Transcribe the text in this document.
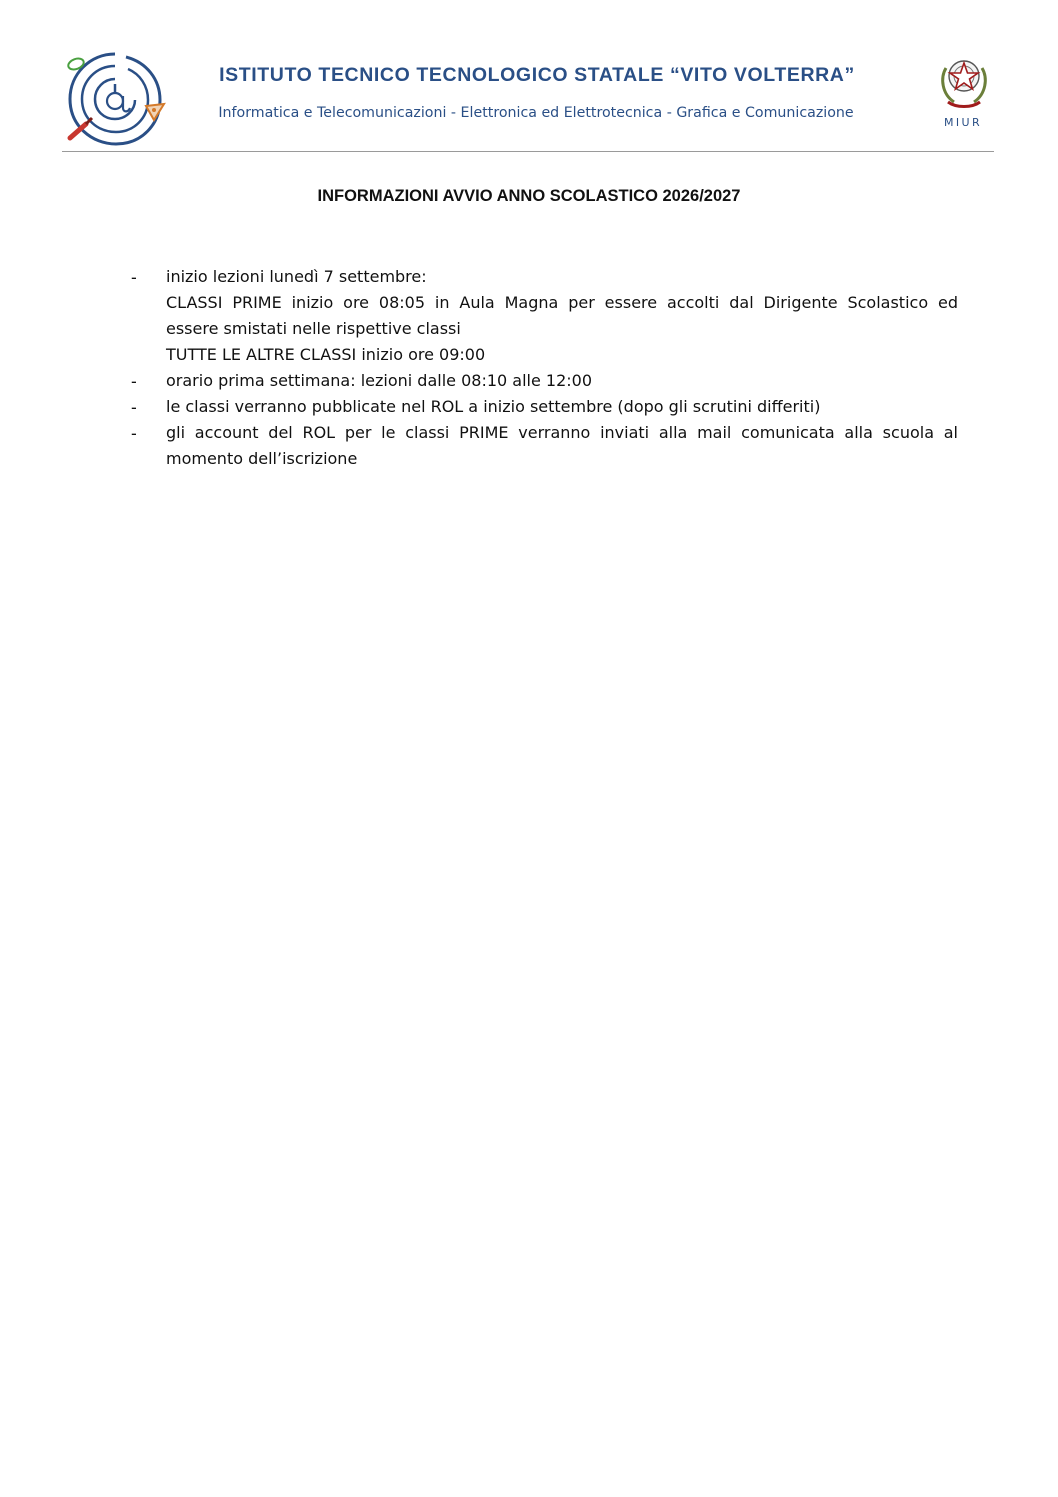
ISTITUTO TECNICO TECNOLOGICO STATALE “VITO VOLTERRA”
Informatica e Telecomunicazioni - Elettronica ed Elettrotecnica - Grafica e Comunicazione
MIUR
INFORMAZIONI AVVIO ANNO SCOLASTICO 2026/2027
- inizio lezioni lunedì 7 settembre:
CLASSI PRIME inizio ore 08:05 in Aula Magna per essere accolti dal Dirigente Scolastico ed
essere smistati nelle rispettive classi
TUTTE LE ALTRE CLASSI inizio ore 09:00
- orario prima settimana: lezioni dalle 08:10 alle 12:00
- le classi verranno pubblicate nel ROL a inizio settembre (dopo gli scrutini differiti)
- gli account del ROL per le classi PRIME verranno inviati alla mail comunicata alla scuola al
momento dell’iscrizione
